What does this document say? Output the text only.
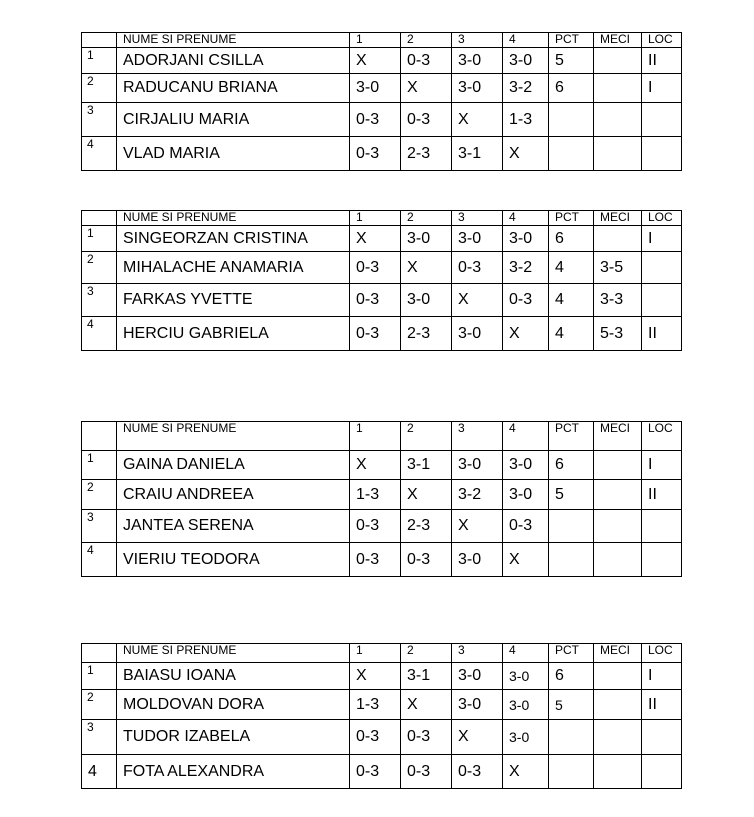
	NUME SI PRENUME	1	2	3	4	PCT	MECI	LOC
1	ADORJANI CSILLA	X	0-3	3-0	3-0	5		II
2	RADUCANU BRIANA	3-0	X	3-0	3-2	6		I
3	CIRJALIU MARIA	0-3	0-3	X	1-3			
4	VLAD MARIA	0-3	2-3	3-1	X			
	NUME SI PRENUME	1	2	3	4	PCT	MECI	LOC
1	SINGEORZAN CRISTINA	X	3-0	3-0	3-0	6		I
2	MIHALACHE ANAMARIA	0-3	X	0-3	3-2	4	3-5	
3	FARKAS YVETTE	0-3	3-0	X	0-3	4	3-3	
4	HERCIU GABRIELA	0-3	2-3	3-0	X	4	5-3	II
	NUME SI PRENUME	1	2	3	4	PCT	MECI	LOC
1	GAINA DANIELA	X	3-1	3-0	3-0	6		I
2	CRAIU ANDREEA	1-3	X	3-2	3-0	5		II
3	JANTEA SERENA	0-3	2-3	X	0-3			
4	VIERIU TEODORA	0-3	0-3	3-0	X			
	NUME SI PRENUME	1	2	3	4	PCT	MECI	LOC
1	BAIASU IOANA	X	3-1	3-0	3-0	6		I
2	MOLDOVAN DORA	1-3	X	3-0	3-0	5		II
3	TUDOR IZABELA	0-3	0-3	X	3-0			
4	FOTA ALEXANDRA	0-3	0-3	0-3	X			
